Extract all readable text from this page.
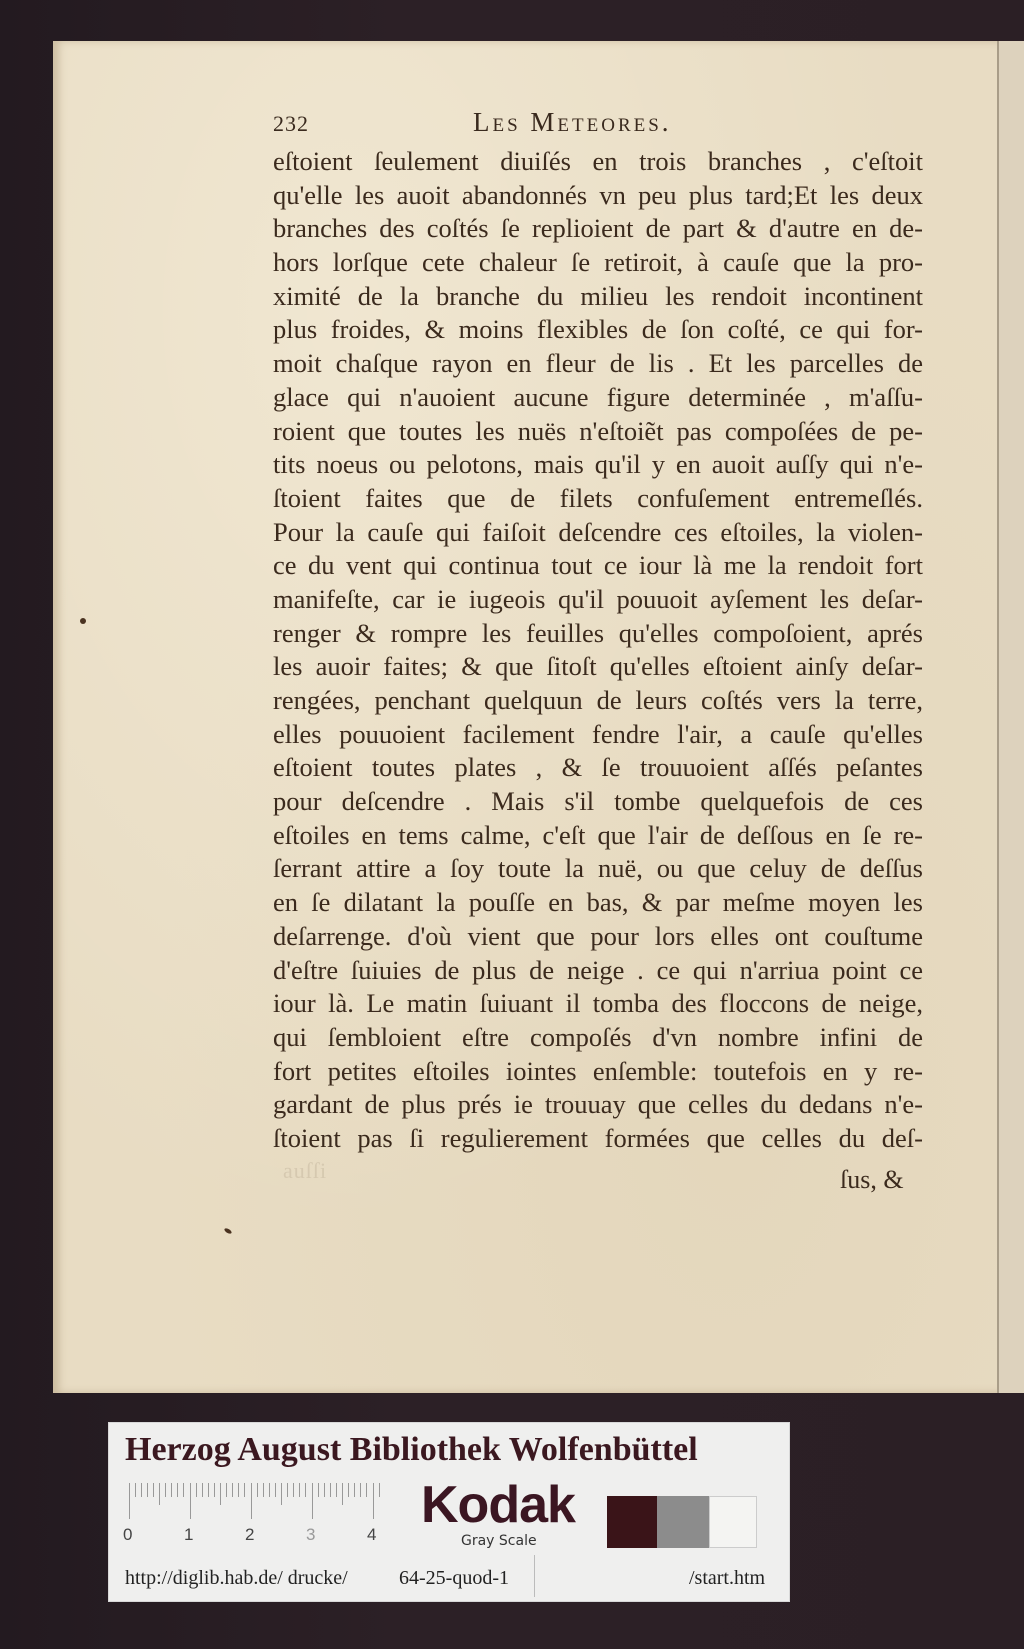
232	Les Meteores.
eſtoient ſeulement diuiſés en trois branches , c'eſtoit
qu'elle les auoit abandonnés vn peu plus tard;Et les deux
branches des coſtés ſe replioient de part & d'autre en de-
hors lorſque cete chaleur ſe retiroit, à cauſe que la pro-
ximité de la branche du milieu les rendoit incontinent
plus froides, & moins flexibles de ſon coſté, ce qui for-
moit chaſque rayon en fleur de lis . Et les parcelles de
glace qui n'auoient aucune figure determinée , m'aſſu-
roient que toutes les nuës n'eſtoiẽt pas compoſées de pe-
tits noeus ou pelotons, mais qu'il y en auoit auſſy qui n'e-
ſtoient faites que de filets confuſement entremeſlés.
Pour la cauſe qui faiſoit deſcendre ces eſtoiles, la violen-
ce du vent qui continua tout ce iour là me la rendoit fort
manifeſte, car ie iugeois qu'il pouuoit ayſement les deſar-
renger & rompre les feuilles qu'elles compoſoient, aprés
les auoir faites; & que ſitoſt qu'elles eſtoient ainſy deſar-
rengées, penchant quelquun de leurs coſtés vers la terre,
elles pouuoient facilement fendre l'air, a cauſe qu'elles
eſtoient toutes plates , & ſe trouuoient aſſés peſantes
pour deſcendre . Mais s'il tombe quelquefois de ces
eſtoiles en tems calme, c'eſt que l'air de deſſous en ſe re-
ſerrant attire a ſoy toute la nuë, ou que celuy de deſſus
en ſe dilatant la pouſſe en bas, & par meſme moyen les
deſarrenge. d'où vient que pour lors elles ont couſtume
d'eſtre ſuiuies de plus de neige . ce qui n'arriua point ce
iour là. Le matin ſuiuant il tomba des floccons de neige,
qui ſembloient eſtre compoſés d'vn nombre infini de
fort petites eſtoiles iointes enſemble: toutefois en y re-
gardant de plus prés ie trouuay que celles du dedans n'e-
ſtoient pas ſi regulierement formées que celles du deſ-
auſſi	ſus, &
Herzog August Bibliothek Wolfenbüttel
0	1	2	3	4
Kodak
Gray Scale
http://diglib.hab.de/ drucke/	64-25-quod-1	/start.htm
